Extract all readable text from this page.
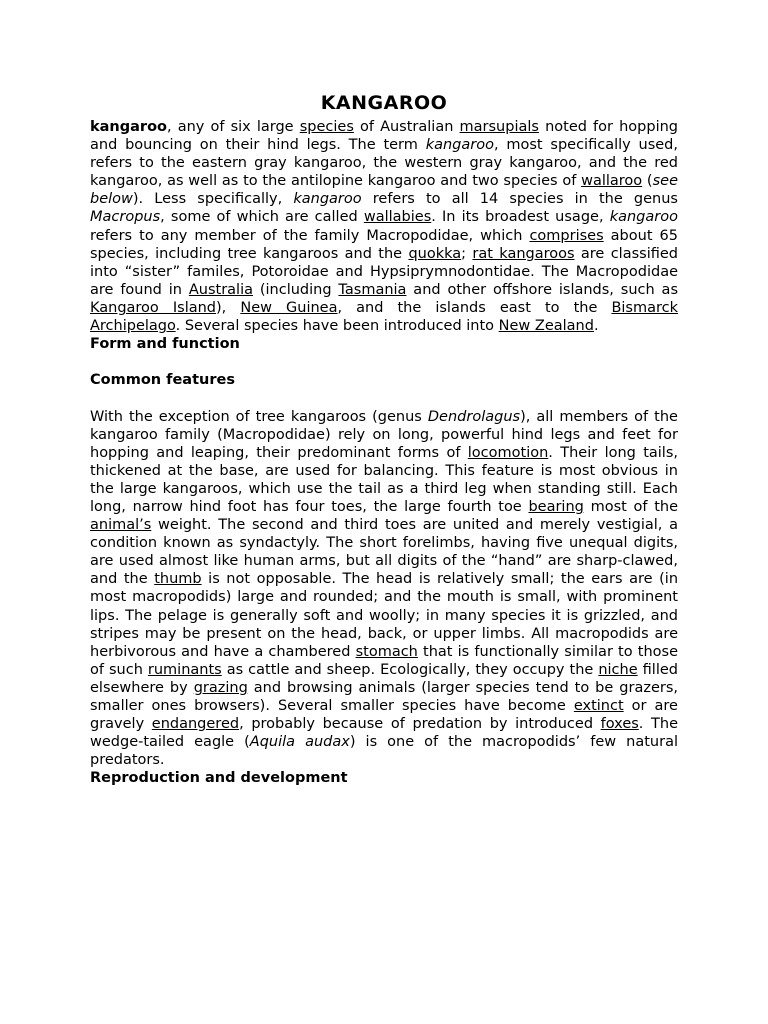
KANGAROO

kangaroo, any of six large species of Australian marsupials noted for hopping and bouncing on their hind legs. The term kangaroo, most specifically used, refers to the eastern gray kangaroo, the western gray kangaroo, and the red kangaroo, as well as to the antilopine kangaroo and two species of wallaroo (see below). Less specifically, kangaroo refers to all 14 species in the genus Macropus, some of which are called wallabies. In its broadest usage, kangaroo refers to any member of the family Macropodidae, which comprises about 65 species, including tree kangaroos and the quokka; rat kangaroos are classified into “sister” familes, Potoroidae and Hypsiprymnodontidae. The Macropodidae are found in Australia (including Tasmania and other offshore islands, such as Kangaroo Island), New Guinea, and the islands east to the Bismarck Archipelago. Several species have been introduced into New Zealand.

Form and function

Common features

With the exception of tree kangaroos (genus Dendrolagus), all members of the kangaroo family (Macropodidae) rely on long, powerful hind legs and feet for hopping and leaping, their predominant forms of locomotion. Their long tails, thickened at the base, are used for balancing. This feature is most obvious in the large kangaroos, which use the tail as a third leg when standing still. Each long, narrow hind foot has four toes, the large fourth toe bearing most of the animal’s weight. The second and third toes are united and merely vestigial, a condition known as syndactyly. The short forelimbs, having five unequal digits, are used almost like human arms, but all digits of the “hand” are sharp-clawed, and the thumb is not opposable. The head is relatively small; the ears are (in most macropodids) large and rounded; and the mouth is small, with prominent lips. The pelage is generally soft and woolly; in many species it is grizzled, and stripes may be present on the head, back, or upper limbs. All macropodids are herbivorous and have a chambered stomach that is functionally similar to those of such ruminants as cattle and sheep. Ecologically, they occupy the niche filled elsewhere by grazing and browsing animals (larger species tend to be grazers, smaller ones browsers). Several smaller species have become extinct or are gravely endangered, probably because of predation by introduced foxes. The wedge-tailed eagle (Aquila audax) is one of the macropodids’ few natural predators.

Reproduction and development
